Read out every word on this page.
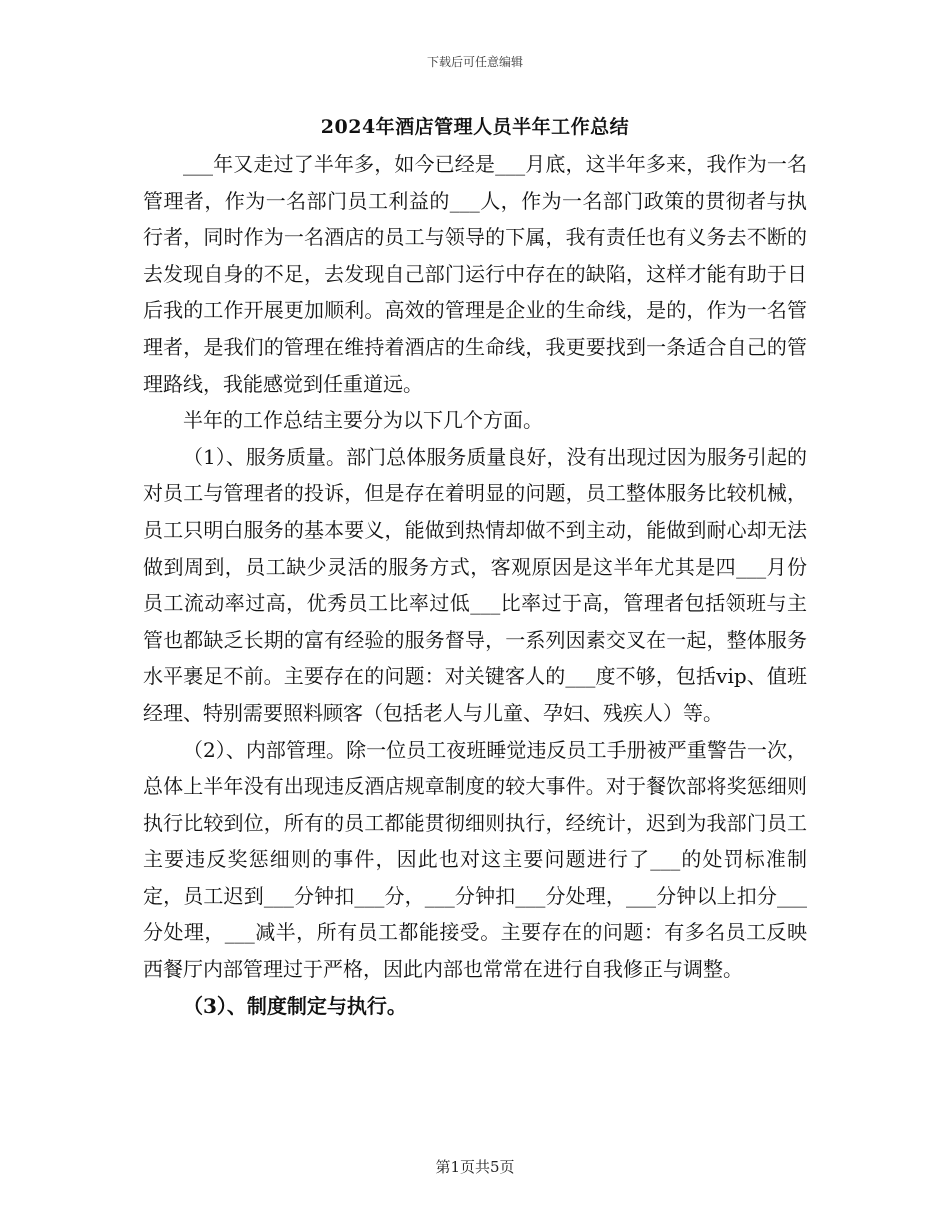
下载后可任意编辑
2024年酒店管理人员半年工作总结

___年又走过了半年多，如今已经是___月底，这半年多来，我作为一名管理者，作为一名部门员工利益的___人，作为一名部门政策的贯彻者与执行者，同时作为一名酒店的员工与领导的下属，我有责任也有义务去不断的去发现自身的不足，去发现自己部门运行中存在的缺陷，这样才能有助于日后我的工作开展更加顺利。高效的管理是企业的生命线，是的，作为一名管理者，是我们的管理在维持着酒店的生命线，我更要找到一条适合自己的管理路线，我能感觉到任重道远。

半年的工作总结主要分为以下几个方面。

（1）、服务质量。部门总体服务质量良好，没有出现过因为服务引起的对员工与管理者的投诉，但是存在着明显的问题，员工整体服务比较机械，员工只明白服务的基本要义，能做到热情却做不到主动，能做到耐心却无法做到周到，员工缺少灵活的服务方式，客观原因是这半年尤其是四___月份员工流动率过高，优秀员工比率过低___比率过于高，管理者包括领班与主管也都缺乏长期的富有经验的服务督导，一系列因素交叉在一起，整体服务水平裹足不前。主要存在的问题：对关键客人的___度不够，包括vip、值班经理、特别需要照料顾客（包括老人与儿童、孕妇、残疾人）等。

（2）、内部管理。除一位员工夜班睡觉违反员工手册被严重警告一次，总体上半年没有出现违反酒店规章制度的较大事件。对于餐饮部将奖惩细则执行比较到位，所有的员工都能贯彻细则执行，经统计，迟到为我部门员工主要违反奖惩细则的事件，因此也对这主要问题进行了___的处罚标准制定，员工迟到___分钟扣___分，___分钟扣___分处理，___分钟以上扣分___分处理，___减半，所有员工都能接受。主要存在的问题：有多名员工反映西餐厅内部管理过于严格，因此内部也常常在进行自我修正与调整。

（3）、制度制定与执行。

第1页共5页
